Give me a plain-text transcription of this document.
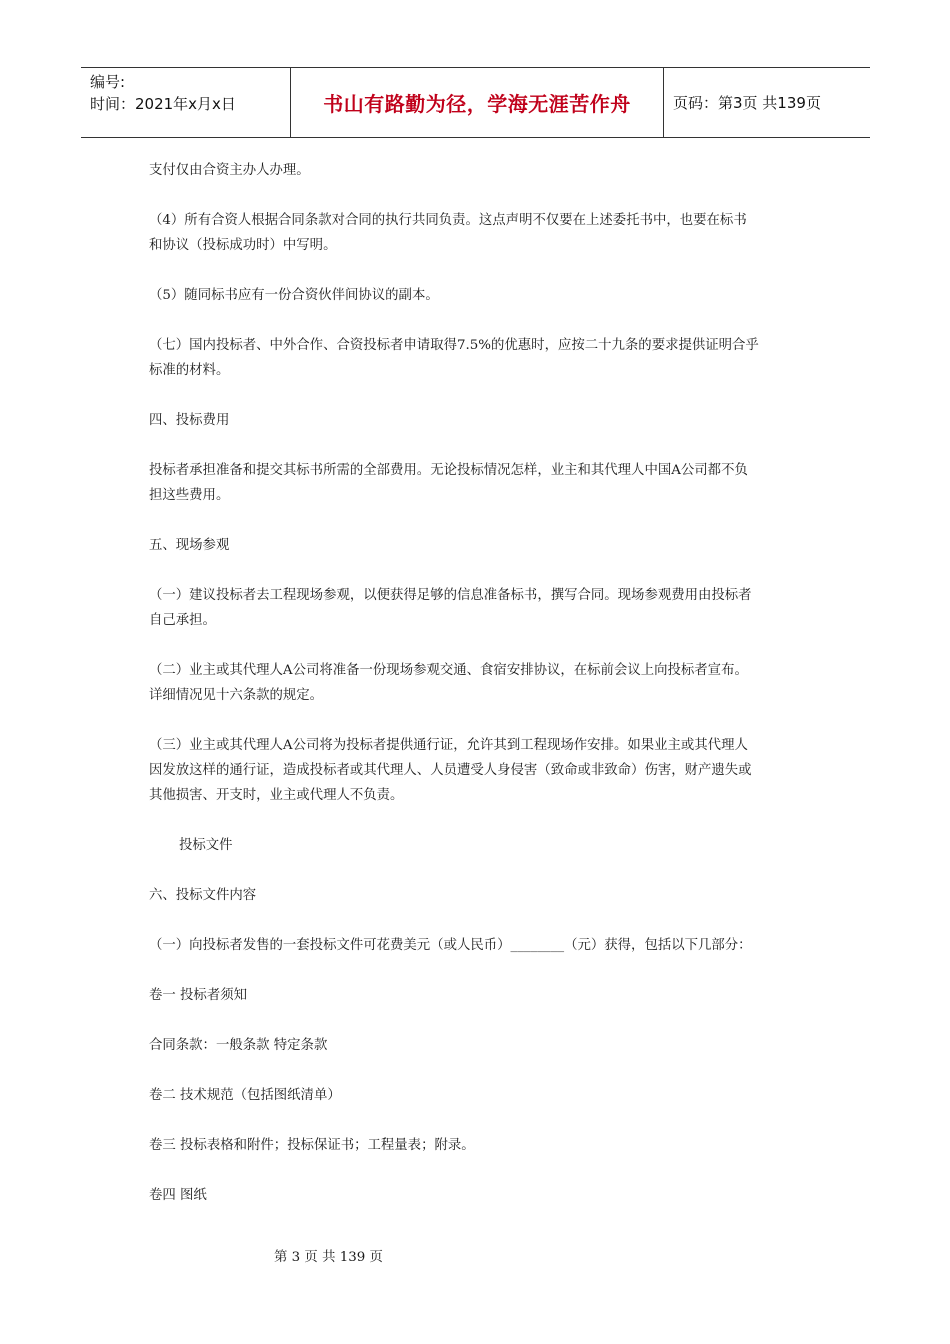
编号:
时间：2021年x月x日	书山有路勤为径，学海无涯苦作舟	页码：第3页 共139页

支付仅由合资主办人办理。

（4）所有合资人根据合同条款对合同的执行共同负责。这点声明不仅要在上述委托书中，也要在标书
和协议（投标成功时）中写明。

（5）随同标书应有一份合资伙伴间协议的副本。

（七）国内投标者、中外合作、合资投标者申请取得7.5%的优惠时，应按二十九条的要求提供证明合乎
标准的材料。

四、投标费用

投标者承担准备和提交其标书所需的全部费用。无论投标情况怎样，业主和其代理人中国A公司都不负
担这些费用。

五、现场参观

（一）建议投标者去工程现场参观，以便获得足够的信息准备标书，撰写合同。现场参观费用由投标者
自己承担。

（二）业主或其代理人A公司将准备一份现场参观交通、食宿安排协议，在标前会议上向投标者宣布。
详细情况见十六条款的规定。

（三）业主或其代理人A公司将为投标者提供通行证，允许其到工程现场作安排。如果业主或其代理人
因发放这样的通行证，造成投标者或其代理人、人员遭受人身侵害（致命或非致命）伤害，财产遗失或
其他损害、开支时，业主或代理人不负责。

投标文件

六、投标文件内容

（一）向投标者发售的一套投标文件可花费美元（或人民币）________（元）获得，包括以下几部分：

卷一 投标者须知

合同条款：一般条款 特定条款

卷二 技术规范（包括图纸清单）

卷三 投标表格和附件；投标保证书；工程量表；附录。

卷四 图纸

第 3 页 共 139 页
